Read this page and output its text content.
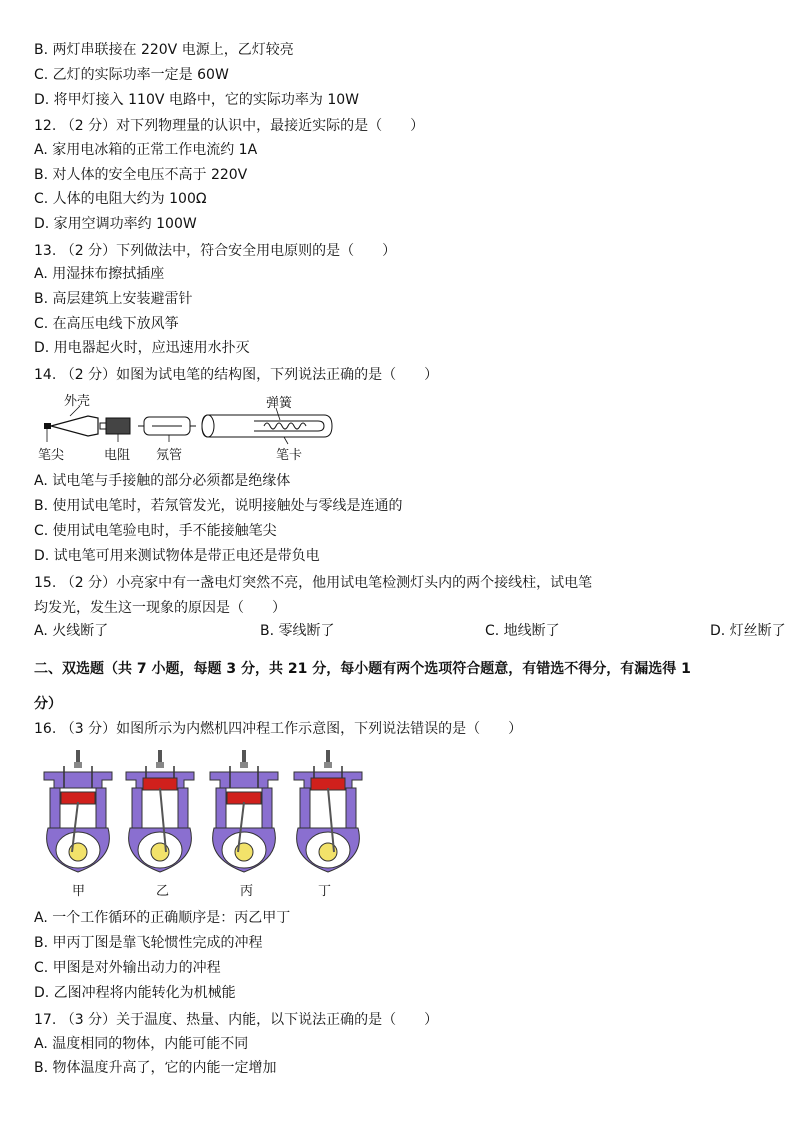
B. 两灯串联接在 220V 电源上，乙灯较亮
C. 乙灯的实际功率一定是 60W
D. 将甲灯接入 110V 电路中，它的实际功率为 10W
12. （2 分）对下列物理量的认识中，最接近实际的是（　　）
A. 家用电冰箱的正常工作电流约 1A
B. 对人体的安全电压不高于 220V
C. 人体的电阻大约为 100Ω
D. 家用空调功率约 100W
13. （2 分）下列做法中，符合安全用电原则的是（　　）
A. 用湿抹布擦拭插座
B. 高层建筑上安装避雷针
C. 在高压电线下放风筝
D. 用电器起火时，应迅速用水扑灭
14. （2 分）如图为试电笔的结构图，下列说法正确的是（　　）
外壳
笔尖	电阻 氖管
弹簧
笔卡
A. 试电笔与手接触的部分必须都是绝缘体
B. 使用试电笔时，若氖管发光，说明接触处与零线是连通的
C. 使用试电笔验电时，手不能接触笔尖
D. 试电笔可用来测试物体是带正电还是带负电
15. （2 分）小亮家中有一盏电灯突然不亮，他用试电笔检测灯头内的两个接线柱，试电笔
均发光，发生这一现象的原因是（　　）
A. 火线断了	B. 零线断了	C. 地线断了	D. 灯丝断了
二、双选题（共 7 小题，每题 3 分，共 21 分，每小题有两个选项符合题意，有错选不得分，有漏选得 1
分）
16. （3 分）如图所示为内燃机四冲程工作示意图，下列说法错误的是（　　）
甲	乙	丙	丁
A. 一个工作循环的正确顺序是：丙乙甲丁
B. 甲丙丁图是靠飞轮惯性完成的冲程
C. 甲图是对外输出动力的冲程
D. 乙图冲程将内能转化为机械能
17. （3 分）关于温度、热量、内能，以下说法正确的是（　　）
A. 温度相同的物体，内能可能不同
B. 物体温度升高了，它的内能一定增加
